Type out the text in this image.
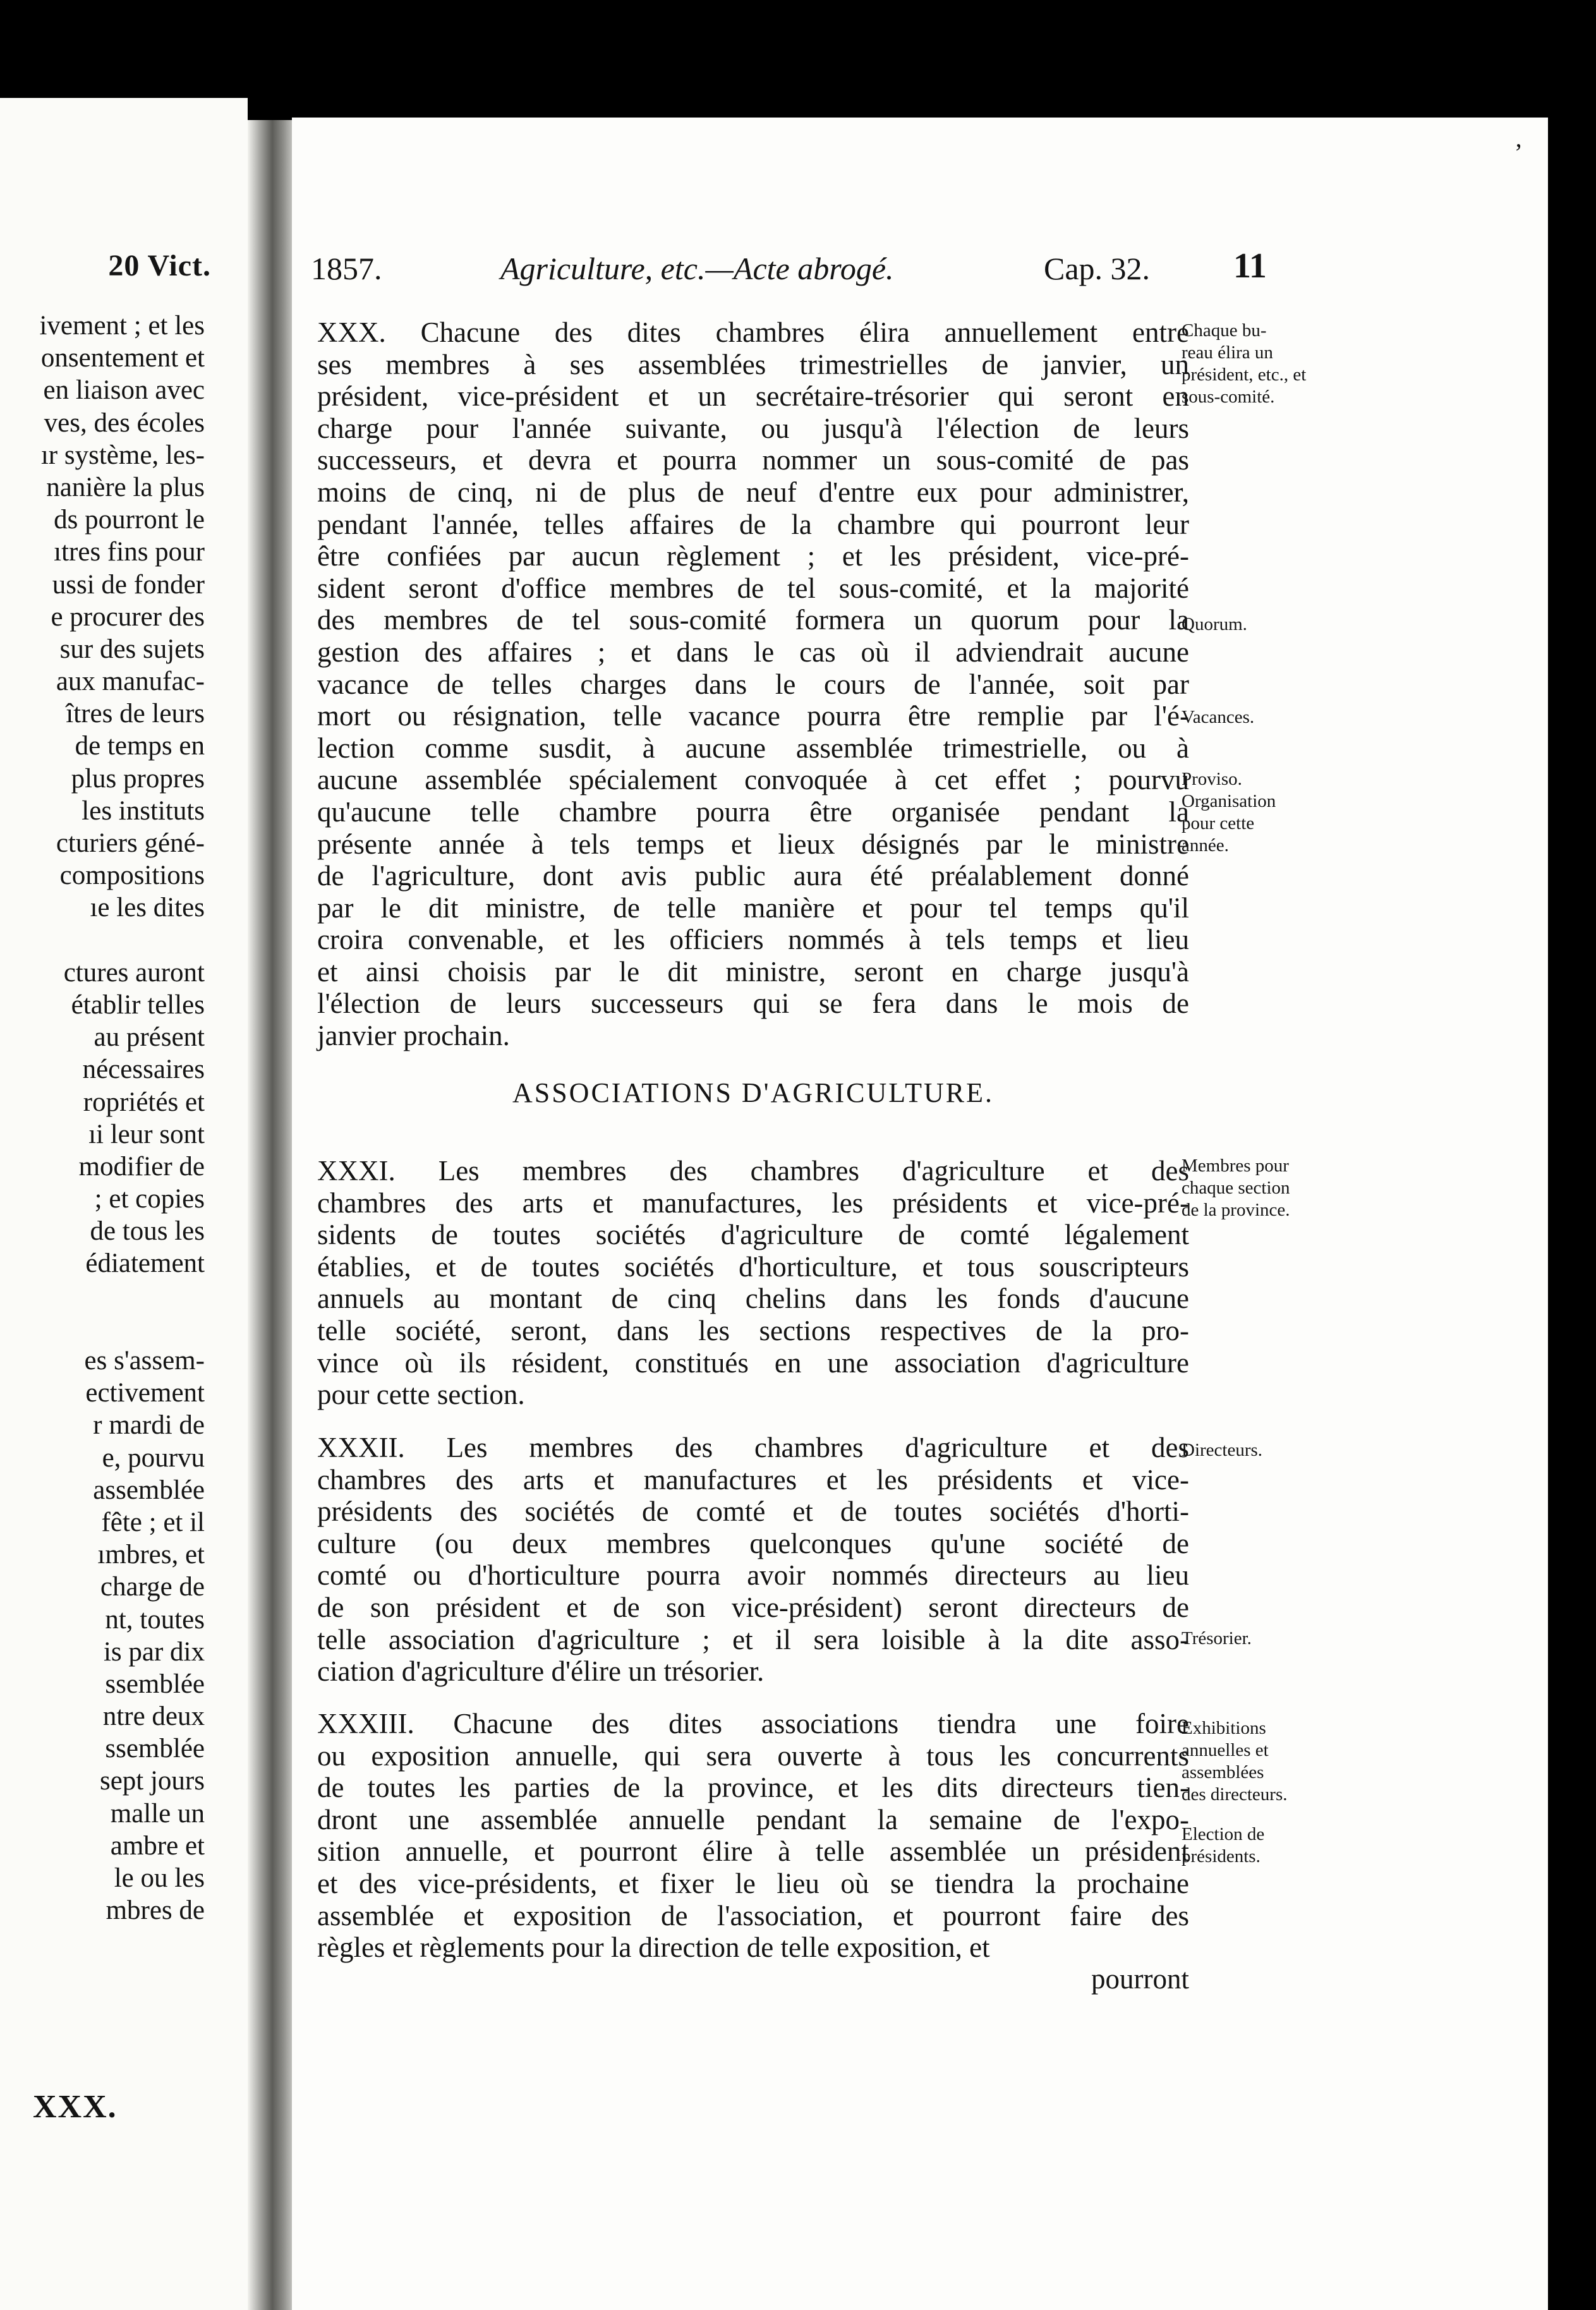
20 Vict.
ivement ; et les
onsentement et
en liaison avec
ves, des écoles
ır système, les-
nanière la plus
ds pourront le
ıtres fins pour
ussi de fonder
e procurer des
sur des sujets
aux manufac-
îtres de leurs
de temps en
plus propres
les instituts
cturiers géné-
compositions
ıe les dites
ctures auront
établir telles
au présent
nécessaires
ropriétés et
ıi leur sont
modifier de
; et copies
de tous les
édiatement
es s'assem-
ectivement
r mardi de
e, pourvu
assemblée
fête ; et il
ımbres, et
charge de
nt, toutes
is par dix
ssemblée
ntre deux
ssemblée
sept jours
malle un
ambre et
le ou les
mbres de
XXX.
ʼ
1857.	Agriculture, etc.—Acte abrogé.	Cap. 32. 11
XXX. Chacune des dites chambres élira annuellement entre
ses membres à ses assemblées trimestrielles de janvier, un
président, vice-président et un secrétaire-trésorier qui seront en
charge pour l'année suivante, ou jusqu'à l'élection de leurs
successeurs, et devra et pourra nommer un sous-comité de pas
moins de cinq, ni de plus de neuf d'entre eux pour administrer,
pendant l'année, telles affaires de la chambre qui pourront leur
être confiées par aucun règlement ; et les président, vice-pré-
sident seront d'office membres de tel sous-comité, et la majorité
des membres de tel sous-comité formera un quorum pour la
gestion des affaires ; et dans le cas où il adviendrait aucune
vacance de telles charges dans le cours de l'année, soit par
mort ou résignation, telle vacance pourra être remplie par l'é-
lection comme susdit, à aucune assemblée trimestrielle, ou à
aucune assemblée spécialement convoquée à cet effet ; pourvu
qu'aucune telle chambre pourra être organisée pendant la
présente année à tels temps et lieux désignés par le ministre
de l'agriculture, dont avis public aura été préalablement donné
par le dit ministre, de telle manière et pour tel temps qu'il
croira convenable, et les officiers nommés à tels temps et lieu
et ainsi choisis par le dit ministre, seront en charge jusqu'à
l'élection de leurs successeurs qui se fera dans le mois de
janvier prochain.
ASSOCIATIONS D'AGRICULTURE.
XXXI. Les membres des chambres d'agriculture et des
chambres des arts et manufactures, les présidents et vice-pré-
sidents de toutes sociétés d'agriculture de comté légalement
établies, et de toutes sociétés d'horticulture, et tous souscripteurs
annuels au montant de cinq chelins dans les fonds d'aucune
telle société, seront, dans les sections respectives de la pro-
vince où ils résident, constitués en une association d'agriculture
pour cette section.
XXXII. Les membres des chambres d'agriculture et des
chambres des arts et manufactures et les présidents et vice-
présidents des sociétés de comté et de toutes sociétés d'horti-
culture (ou deux membres quelconques qu'une société de
comté ou d'horticulture pourra avoir nommés directeurs au lieu
de son président et de son vice-président) seront directeurs de
telle association d'agriculture ; et il sera loisible à la dite asso-
ciation d'agriculture d'élire un trésorier.
XXXIII. Chacune des dites associations tiendra une foire
ou exposition annuelle, qui sera ouverte à tous les concurrents
de toutes les parties de la province, et les dits directeurs tien-
dront une assemblée annuelle pendant la semaine de l'expo-
sition annuelle, et pourront élire à telle assemblée un président
et des vice-présidents, et fixer le lieu où se tiendra la prochaine
assemblée et exposition de l'association, et pourront faire des
règles et règlements pour la direction de telle exposition, et
pourront
Chaque bu-
reau élira un
président, etc., et
sous-comité.
Quorum.
Vacances.
Proviso.
Organisation
pour cette
année.
Membres pour
chaque section
de la province.
Directeurs.
Trésorier.
Exhibitions
annuelles et
assemblées
des directeurs.
Election de
présidents.
